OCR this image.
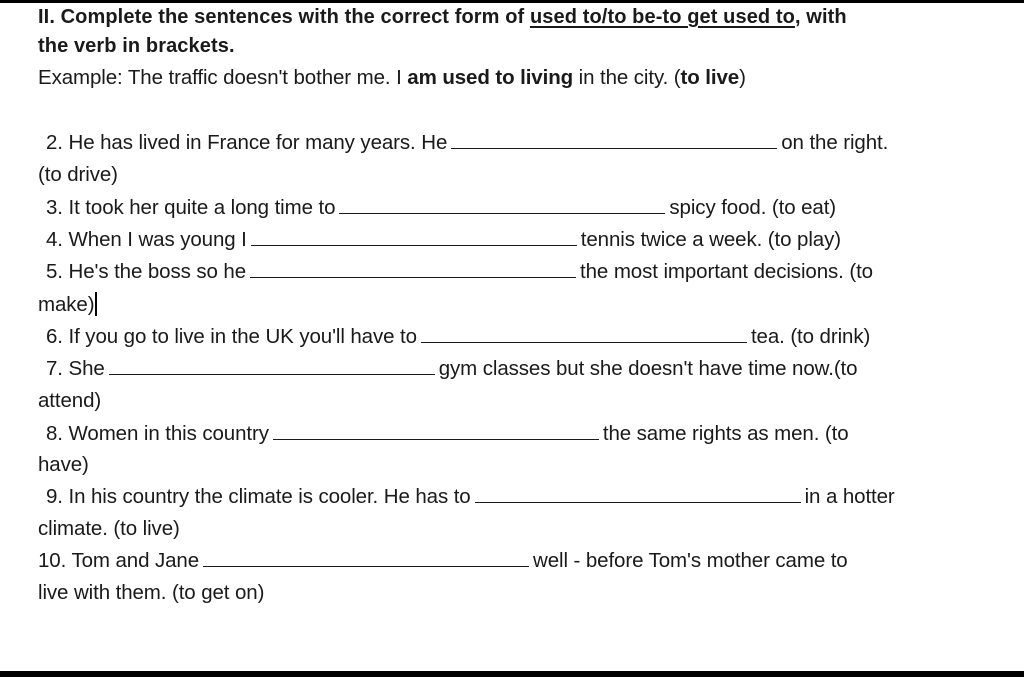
II. Complete the sentences with the correct form of used to/to be-to get used to, with
the verb in brackets.
Example: The traffic doesn't bother me. I am used to living in the city. (to live)
2. He has lived in France for many years. He	on the right.
(to drive)
3. It took her quite a long time to	spicy food. (to eat)
4. When I was young I	tennis twice a week. (to play)
5. He's the boss so he	the most important decisions. (to
make)
6. If you go to live in the UK you'll have to	tea. (to drink)
7. She	gym classes but she doesn't have time now.(to
attend)
8. Women in this country	the same rights as men. (to
have)
9. In his country the climate is cooler. He has to	in a hotter
climate. (to live)
10. Tom and Jane	well - before Tom's mother came to
live with them. (to get on)
